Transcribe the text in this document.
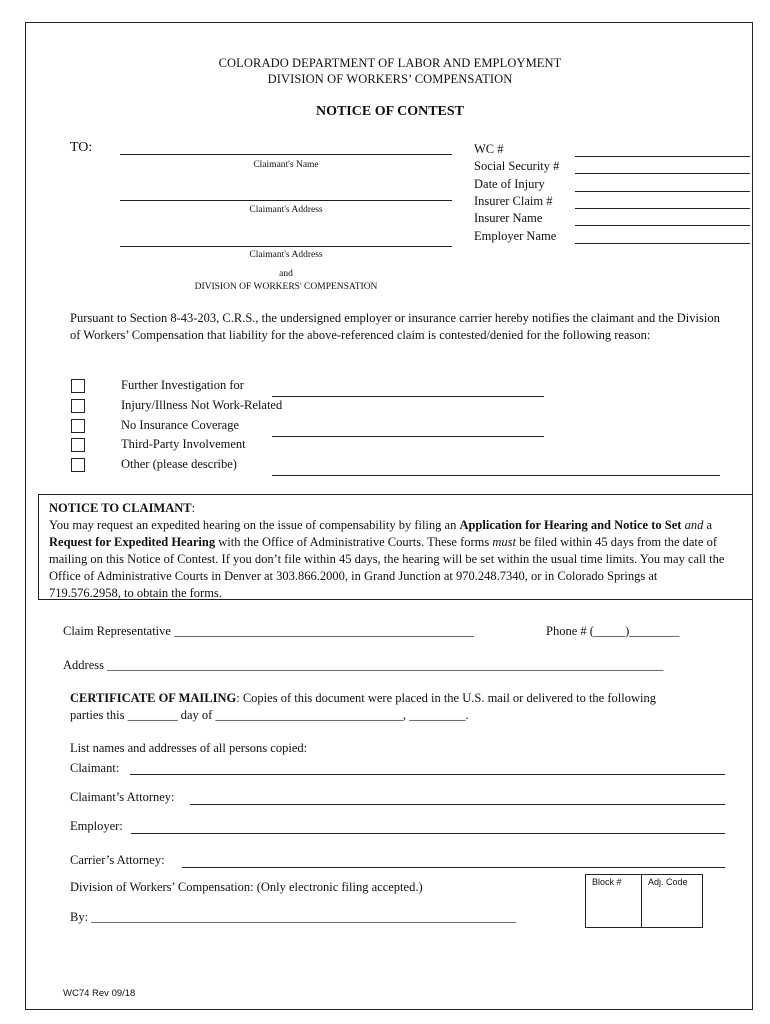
COLORADO DEPARTMENT OF LABOR AND EMPLOYMENT
DIVISION OF WORKERS’ COMPENSATION
NOTICE OF CONTEST
TO:
Claimant's Name
Claimant's Address
Claimant's Address
and
DIVISION OF WORKERS' COMPENSATION
WC #
Social Security #
Date of Injury
Insurer Claim #
Insurer Name
Employer Name
Pursuant to Section 8-43-203, C.R.S., the undersigned employer or insurance carrier hereby notifies the claimant and the Division of Workers’ Compensation that liability for the above-referenced claim is contested/denied for the following reason:
Further Investigation for
Injury/Illness Not Work-Related
No Insurance Coverage
Third-Party Involvement
Other (please describe)
NOTICE TO CLAIMANT:
You may request an expedited hearing on the issue of compensability by filing an Application for Hearing and Notice to Set and a Request for Expedited Hearing with the Office of Administrative Courts. These forms must be filed within 45 days from the date of mailing on this Notice of Contest. If you don’t file within 45 days, the hearing will be set within the usual time limits. You may call the Office of Administrative Courts in Denver at 303.866.2000, in Grand Junction at 970.248.7340, or in Colorado Springs at 719.576.2958, to obtain the forms.
Claim Representative ________________________________________________	Phone # (_____)________
Address _________________________________________________________________________________________
CERTIFICATE OF MAILING: Copies of this document were placed in the U.S. mail or delivered to the following
parties this ________ day of ______________________________, _________.
List names and addresses of all persons copied:
Claimant:
Claimant’s Attorney:
Employer:
Carrier’s Attorney:
Division of Workers’ Compensation: (Only electronic filing accepted.)
By: ____________________________________________________________________
Block #	Adj. Code
WC74 Rev 09/18
